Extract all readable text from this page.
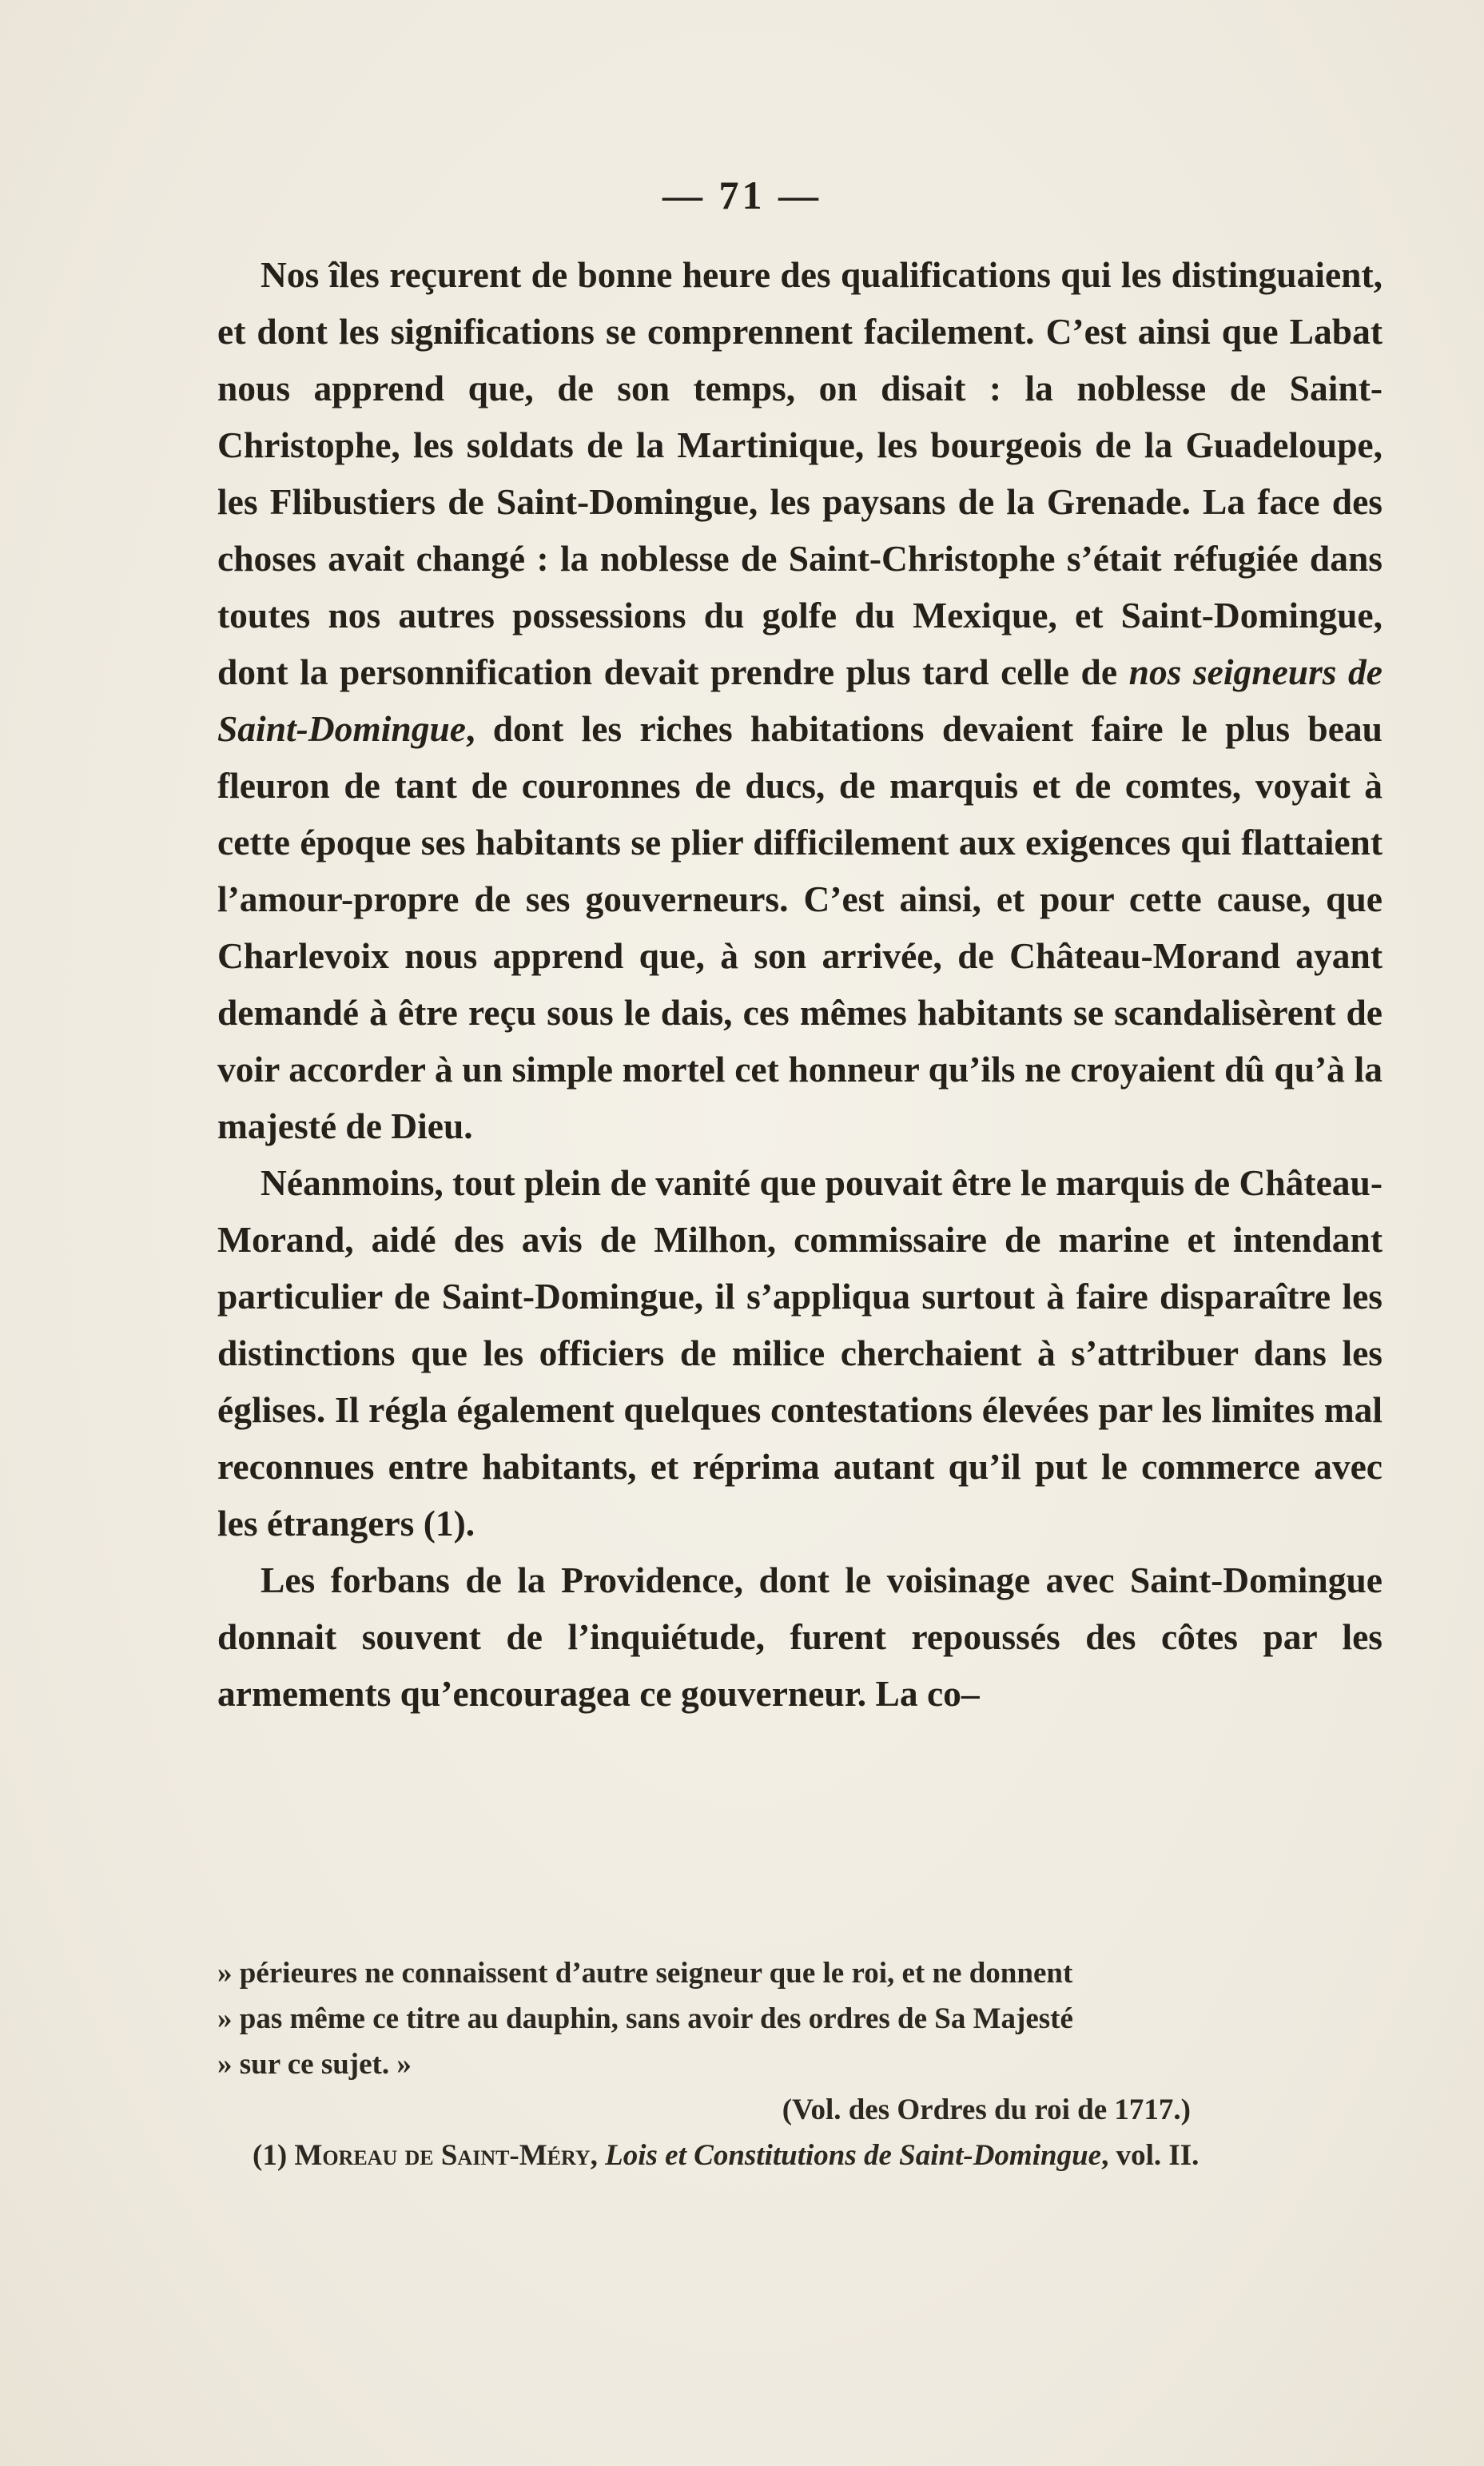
— 71 —

Nos îles reçurent de bonne heure des qualifications qui les distinguaient, et dont les significations se comprennent facilement. C’est ainsi que Labat nous apprend que, de son temps, on disait : la noblesse de Saint-Christophe, les soldats de la Martinique, les bourgeois de la Guadeloupe, les Flibustiers de Saint-Domingue, les paysans de la Grenade. La face des choses avait changé : la noblesse de Saint-Christophe s’était réfugiée dans toutes nos autres possessions du golfe du Mexique, et Saint-Domingue, dont la personnification devait prendre plus tard celle de nos seigneurs de Saint-Domingue, dont les riches habitations devaient faire le plus beau fleuron de tant de couronnes de ducs, de marquis et de comtes, voyait à cette époque ses habitants se plier difficilement aux exigences qui flattaient l’amour-propre de ses gouverneurs. C’est ainsi, et pour cette cause, que Charlevoix nous apprend que, à son arrivée, de Château-Morand ayant demandé à être reçu sous le dais, ces mêmes habitants se scandalisèrent de voir accorder à un simple mortel cet honneur qu’ils ne croyaient dû qu’à la majesté de Dieu.

Néanmoins, tout plein de vanité que pouvait être le marquis de Château-Morand, aidé des avis de Milhon, commissaire de marine et intendant particulier de Saint-Domingue, il s’appliqua surtout à faire disparaître les distinctions que les officiers de milice cherchaient à s’attribuer dans les églises. Il régla également quelques contestations élevées par les limites mal reconnues entre habitants, et réprima autant qu’il put le commerce avec les étrangers (1).

Les forbans de la Providence, dont le voisinage avec Saint-Domingue donnait souvent de l’inquiétude, furent repoussés des côtes par les armements qu’encouragea ce gouverneur. La co–

» périeures ne connaissent d’autre seigneur que le roi, et ne donnent
» pas même ce titre au dauphin, sans avoir des ordres de Sa Majesté
» sur ce sujet. »
(Vol. des Ordres du roi de 1717.)
(1) Moreau de Saint-Méry, Lois et Constitutions de Saint-Domingue, vol. II.
